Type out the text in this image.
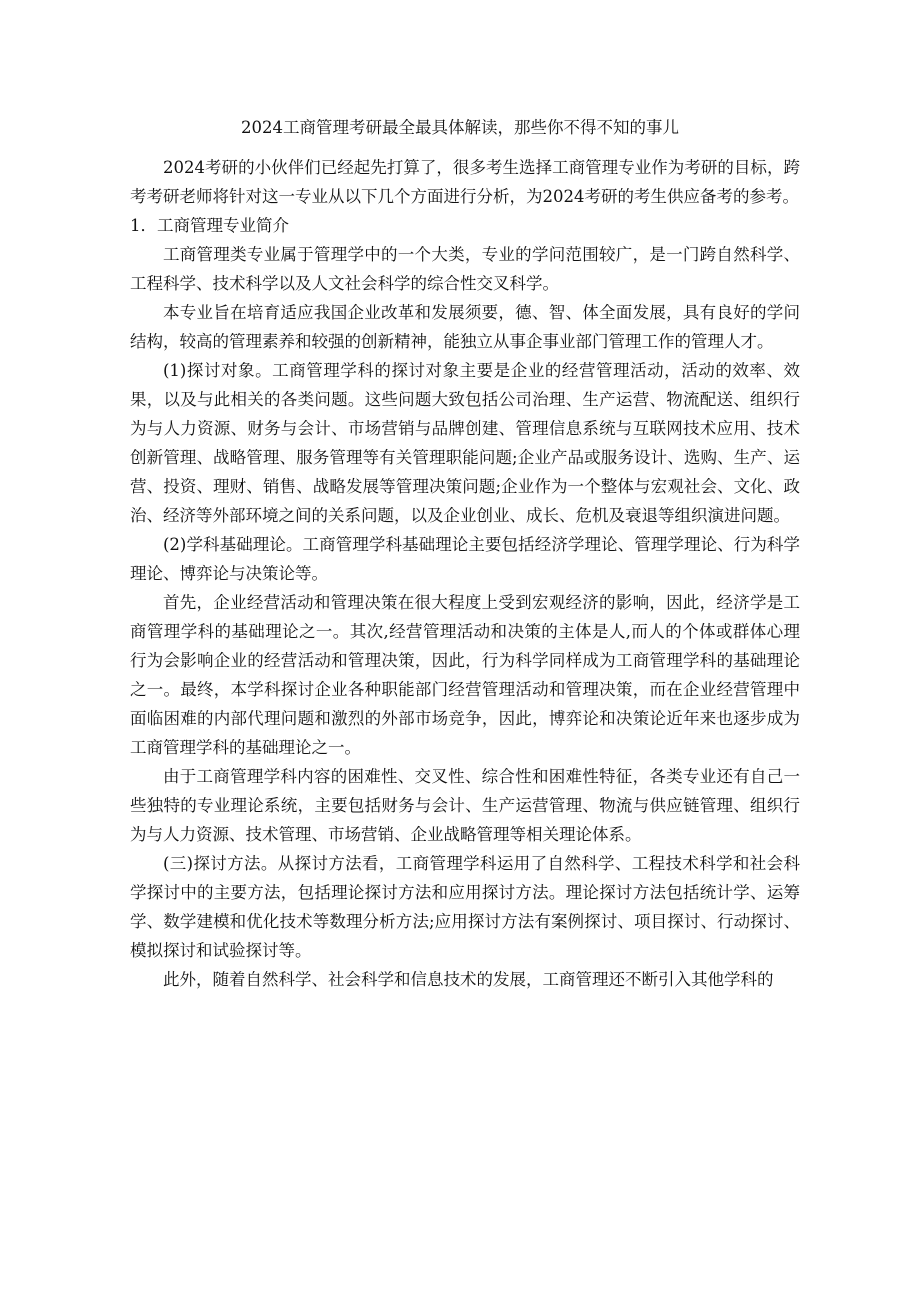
2024工商管理考研最全最具体解读，那些你不得不知的事儿

2024考研的小伙伴们已经起先打算了，很多考生选择工商管理专业作为考研的目标，跨考考研老师将针对这一专业从以下几个方面进行分析，为2024考研的考生供应备考的参考。

1．工商管理专业简介

工商管理类专业属于管理学中的一个大类，专业的学问范围较广，是一门跨自然科学、工程科学、技术科学以及人文社会科学的综合性交叉科学。

本专业旨在培育适应我国企业改革和发展须要，德、智、体全面发展，具有良好的学问结构，较高的管理素养和较强的创新精神，能独立从事企事业部门管理工作的管理人才。

(1)探讨对象。工商管理学科的探讨对象主要是企业的经营管理活动，活动的效率、效果，以及与此相关的各类问题。这些问题大致包括公司治理、生产运营、物流配送、组织行为与人力资源、财务与会计、市场营销与品牌创建、管理信息系统与互联网技术应用、技术创新管理、战略管理、服务管理等有关管理职能问题;企业产品或服务设计、选购、生产、运营、投资、理财、销售、战略发展等管理决策问题;企业作为一个整体与宏观社会、文化、政治、经济等外部环境之间的关系问题，以及企业创业、成长、危机及衰退等组织演进问题。

(2)学科基础理论。工商管理学科基础理论主要包括经济学理论、管理学理论、行为科学理论、博弈论与决策论等。

首先，企业经营活动和管理决策在很大程度上受到宏观经济的影响，因此，经济学是工商管理学科的基础理论之一。其次,经营管理活动和决策的主体是人,而人的个体或群体心理行为会影响企业的经营活动和管理决策，因此，行为科学同样成为工商管理学科的基础理论之一。最终，本学科探讨企业各种职能部门经营管理活动和管理决策，而在企业经营管理中面临困难的内部代理问题和激烈的外部市场竞争，因此，博弈论和决策论近年来也逐步成为工商管理学科的基础理论之一。

由于工商管理学科内容的困难性、交叉性、综合性和困难性特征，各类专业还有自己一些独特的专业理论系统，主要包括财务与会计、生产运营管理、物流与供应链管理、组织行为与人力资源、技术管理、市场营销、企业战略管理等相关理论体系。

(三)探讨方法。从探讨方法看，工商管理学科运用了自然科学、工程技术科学和社会科学探讨中的主要方法，包括理论探讨方法和应用探讨方法。理论探讨方法包括统计学、运筹学、数学建模和优化技术等数理分析方法;应用探讨方法有案例探讨、项目探讨、行动探讨、模拟探讨和试验探讨等。

此外，随着自然科学、社会科学和信息技术的发展，工商管理还不断引入其他学科的
